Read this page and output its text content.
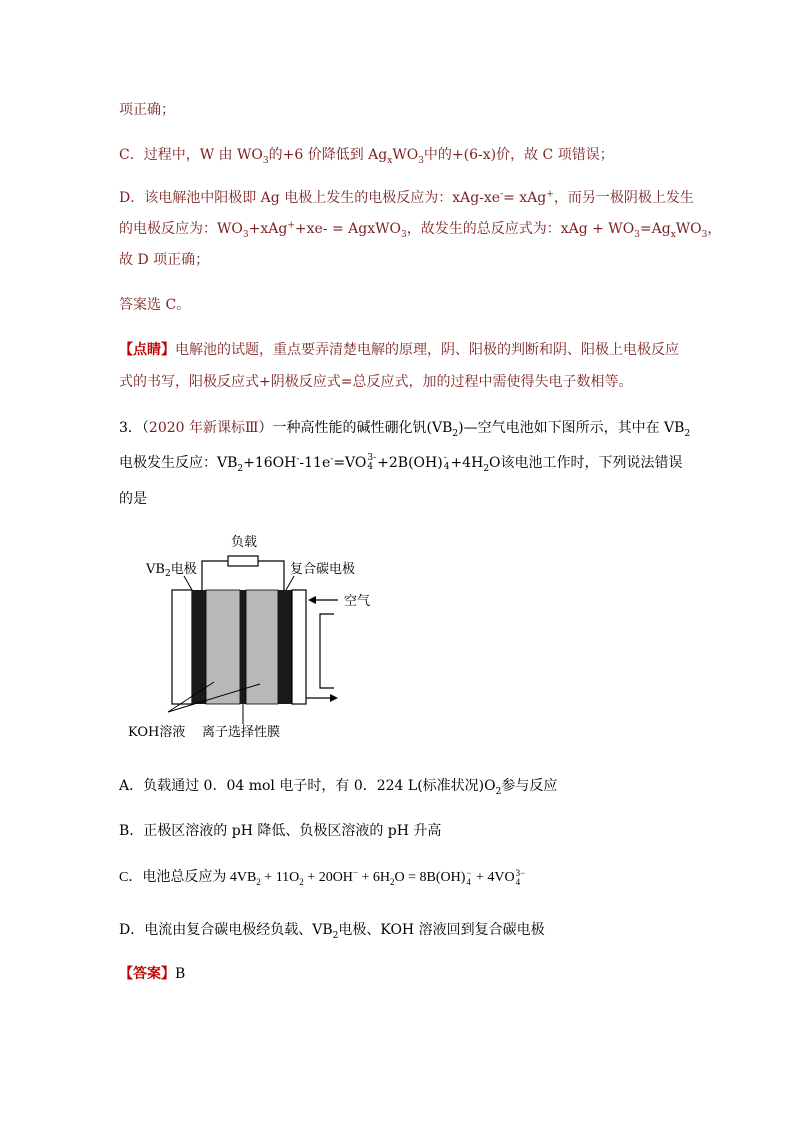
项正确；
C．过程中，W 由 $WO_3$的+6 价降低到 $Ag_xWO_3$中的+(6-x)价，故 C 项错误；
D．该电解池中阳极即 Ag 电极上发生的电极反应为：xAg-xe-= xAg+，而另一极阴极上发生
的电极反应为：$WO_3+xAg^++xe-$ = AgxWO$_3$，故发生的总反应式为：xAg + $WO_3=Ag_xWO_3$，
故 D 项正确；
答案选 C。
【点睛】电解池的试题，重点要弄清楚电解的原理，阴、阳极的判断和阴、阳极上电极反应
式的书写，阳极反应式+阴极反应式=总反应式，加的过程中需使得失电子数相等。
3．（2020 年新课标Ⅲ）一种高性能的碱性硼化钒$(VB_2)—$空气电池如下图所示，其中在 $VB_2$
电极发生反应：$VB_2+16OH^--11e^-=VO$ 3-
4 +2B(OH) -
$4 +4H_2O$该电池工作时，下列说法错误
的是
负载
$VB_2$电极	复合碳电极
空气
KOH溶液 离子选择性膜
A．负载通过 0．04 mol 电子时，有 0．224 L(标准状况)$O_2$参与反应
B．正极区溶液的 pH 降低、负极区溶液的 pH 升高
C．电池总反应为 $4VB_2 + 11O_2 + 20OH^- + 6H_2O = 8B(OH)$ −
4 + 4VO 3−
4
D．电流由复合碳电极经负载、$VB_2$电极、KOH 溶液回到复合碳电极
【答案】B
